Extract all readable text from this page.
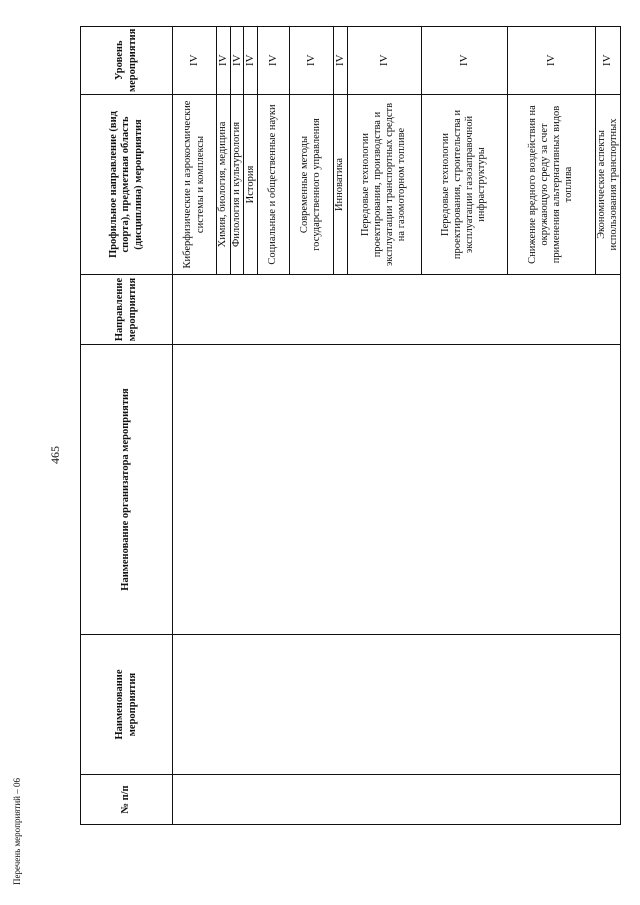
465
Перечень мероприятий – 06	№ п/п	Наименование мероприятия	Наименование организатора мероприятия	Направление мероприятия	Профильное направление (вид спорта), предметная область (дисциплина) мероприятия	Уровень мероприятия
				Киберфизические и аэрокосмические системы и комплексы	IV
				Химия, биология, медицина	IV
				Филология и культурология	IV
				История	IV
				Социальные и общественные науки	IV
				Современные методы государственного управления	IV
				Инноватика	IV
				Передовые технологии проектирования, производства и эксплуатации транспортных средств на газомоторном топливе	IV
				Передовые технологии проектирования, строительства и эксплуатации газозаправочной инфраструктуры	IV
				Снижение вредного воздействия на окружающую среду за счет применения альтернативных видов топлива	IV
				Экономические аспекты использования транспортных	IV
